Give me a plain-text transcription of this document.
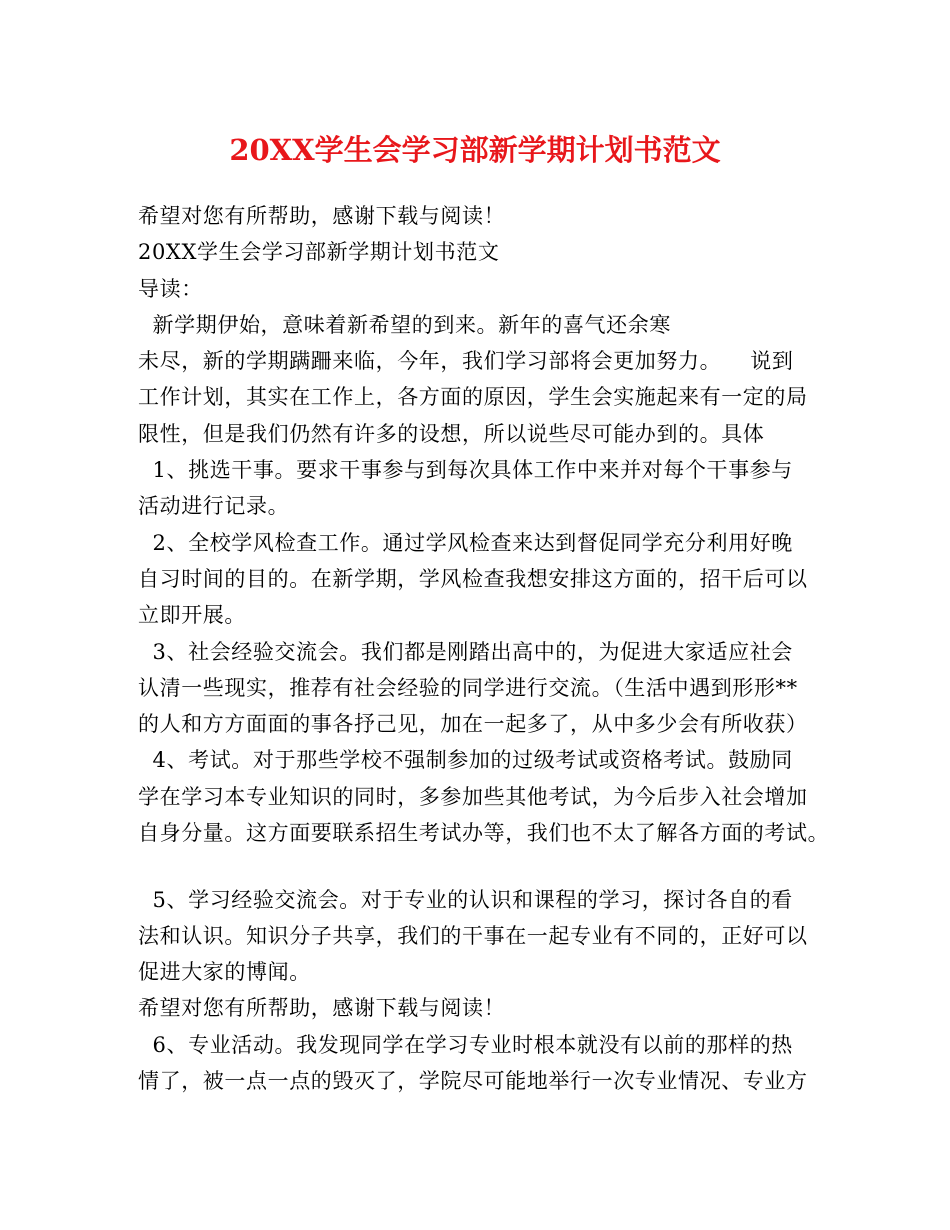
20XX学生会学习部新学期计划书范文
希望对您有所帮助，感谢下载与阅读！
20XX学生会学习部新学期计划书范文
导读：
新学期伊始，意味着新希望的到来。新年的喜气还余寒
未尽，新的学期蹒跚来临，今年，我们学习部将会更加努力。    说到
工作计划，其实在工作上，各方面的原因，学生会实施起来有一定的局
限性，但是我们仍然有许多的设想，所以说些尽可能办到的。具体
1、挑选干事。要求干事参与到每次具体工作中来并对每个干事参与
活动进行记录。
2、全校学风检查工作。通过学风检查来达到督促同学充分利用好晚
自习时间的目的。在新学期，学风检查我想安排这方面的，招干后可以
立即开展。
3、社会经验交流会。我们都是刚踏出高中的，为促进大家适应社会
认清一些现实，推荐有社会经验的同学进行交流。（生活中遇到形形**
的人和方方面面的事各抒己见，加在一起多了，从中多少会有所收获）
4、考试。对于那些学校不强制参加的过级考试或资格考试。鼓励同
学在学习本专业知识的同时，多参加些其他考试，为今后步入社会增加
自身分量。这方面要联系招生考试办等，我们也不太了解各方面的考试。
5、学习经验交流会。对于专业的认识和课程的学习，探讨各自的看
法和认识。知识分子共享，我们的干事在一起专业有不同的，正好可以
促进大家的博闻。
希望对您有所帮助，感谢下载与阅读！
6、专业活动。我发现同学在学习专业时根本就没有以前的那样的热
情了，被一点一点的毁灭了，学院尽可能地举行一次专业情况、专业方
